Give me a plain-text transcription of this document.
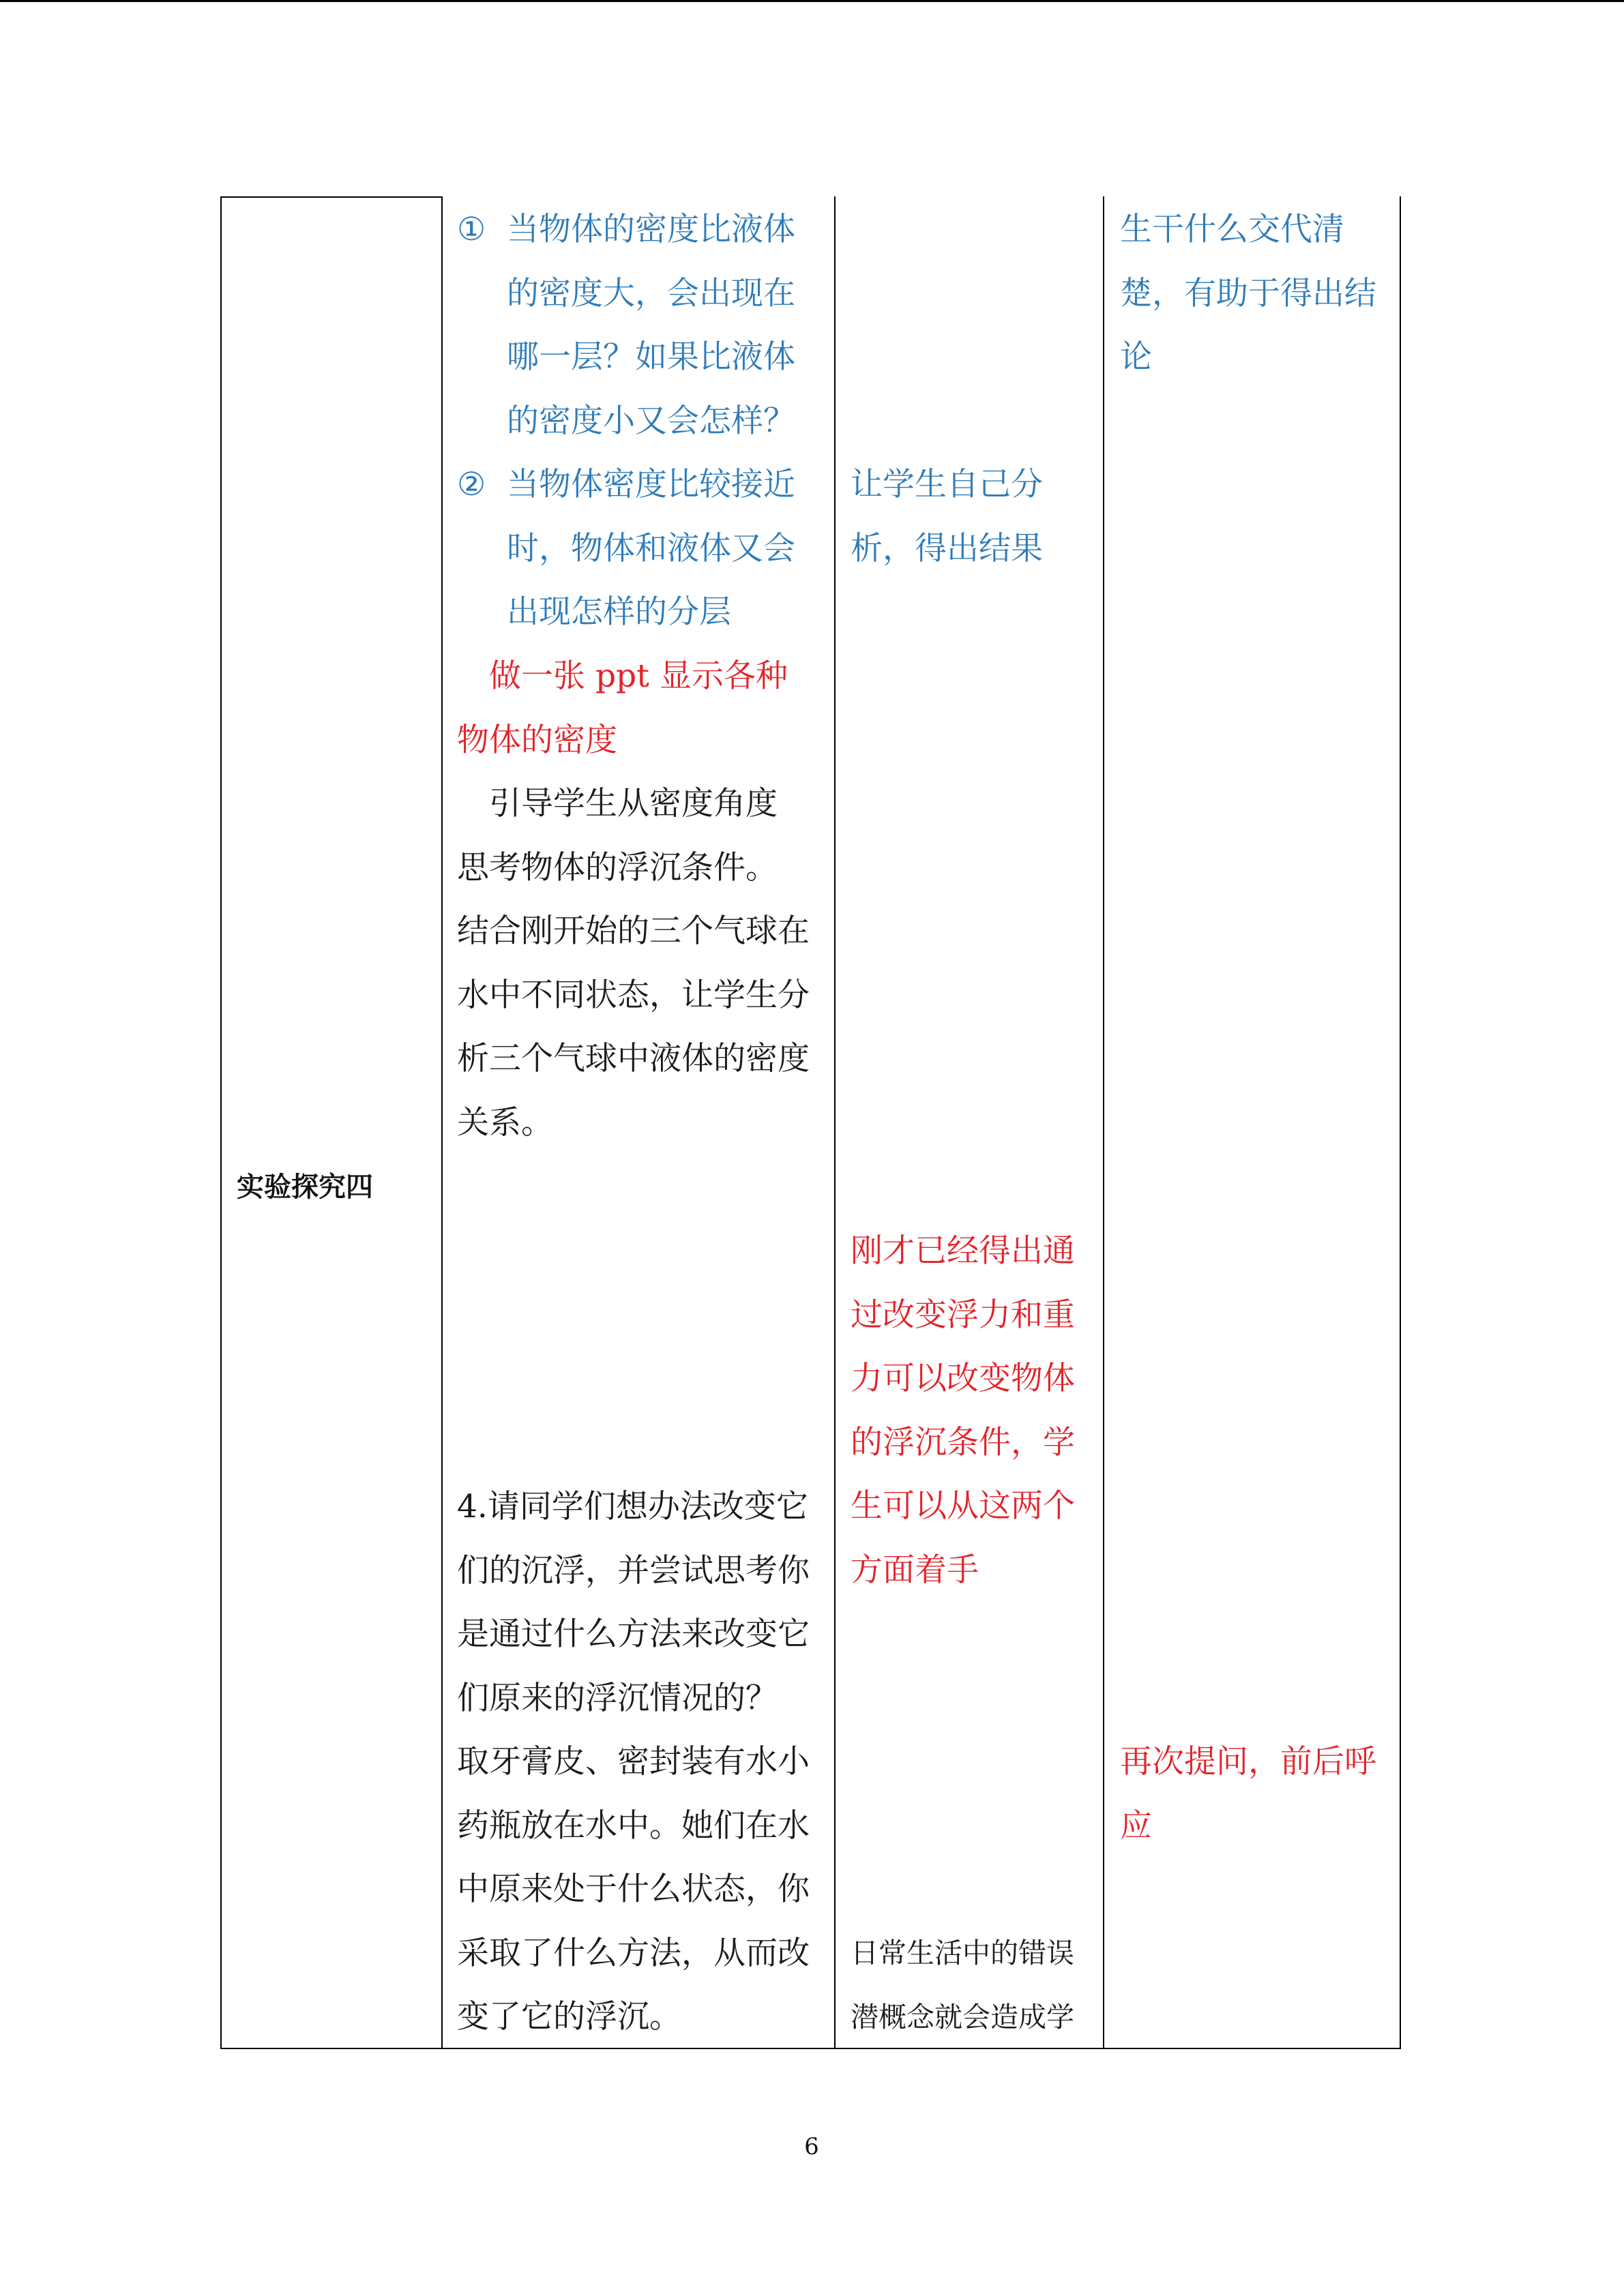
实验探究四
① 当物体的密度比液体

的密度大，会出现在

哪一层？如果比液体

的密度小又会怎样？

② 当物体密度比较接近

时，物体和液体又会

出现怎样的分层

　做一张 ppt 显示各种

物体的密度

　引导学生从密度角度

思考物体的浮沉条件。

结合刚开始的三个气球在

水中不同状态，让学生分

析三个气球中液体的密度

关系。

4.请同学们想办法改变它

们的沉浮，并尝试思考你

是通过什么方法来改变它

们原来的浮沉情况的？

取牙膏皮、密封装有水小

药瓶放在水中。她们在水

中原来处于什么状态，你

采取了什么方法，从而改

变了它的浮沉。

让学生自己分

析，得出结果

刚才已经得出通

过改变浮力和重

力可以改变物体

的浮沉条件，学

生可以从这两个

方面着手

日常生活中的错误

潜概念就会造成学

生干什么交代清

楚，有助于得出结

论

再次提问，前后呼

应

6
